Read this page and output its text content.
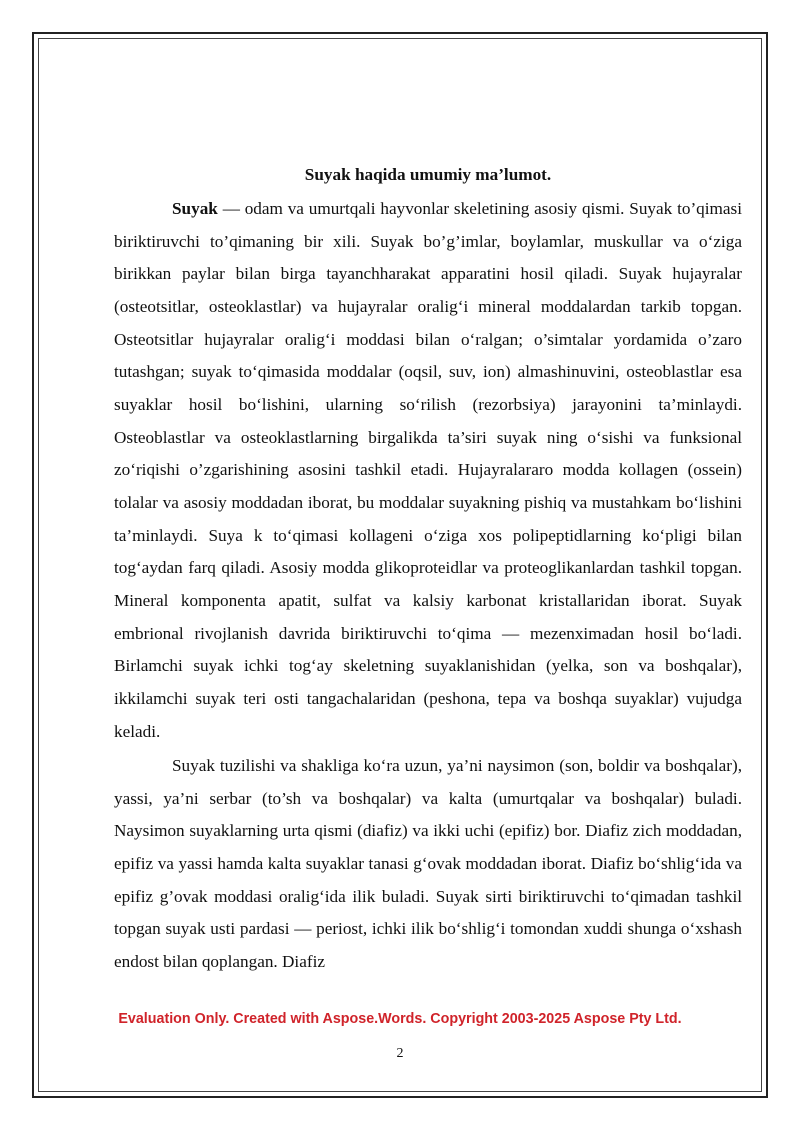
Suyak haqida umumiy ma’lumot.

Suyak — odam va umurtqali hayvonlar skeletining asosiy qismi. Suyak to’qimasi biriktiruvchi to’qimaning bir xili. Suyak bo’g’imlar, boylamlar, muskullar va o‘ziga birikkan paylar bilan birga tayanchharakat apparatini hosil qiladi. Suyak hujayralar (osteotsitlar, osteoklastlar) va hujayralar oralig‘i mineral moddalardan tarkib topgan. Osteotsitlar hujayralar oralig‘i moddasi bilan o‘ralgan; o’simtalar yordamida o’zaro tutashgan; suyak to‘qimasida moddalar (oqsil, suv, ion) almashinuvini, osteoblastlar esa suyaklar hosil bo‘lishini, ularning so‘rilish (rezorbsiya) jarayonini ta’minlaydi. Osteoblastlar va osteoklastlarning birgalikda ta’siri suyak ning o‘sishi va funksional zo‘riqishi o’zgarishining asosini tashkil etadi. Hujayralararo modda kollagen (ossein) tolalar va asosiy moddadan iborat, bu moddalar suyakning pishiq va mustahkam bo‘lishini ta’minlaydi. Suya k to‘qimasi kollageni o‘ziga xos polipeptidlarning ko‘pligi bilan tog‘aydan farq qiladi. Asosiy modda glikoproteidlar va proteoglikanlardan tashkil topgan. Mineral komponenta apatit, sulfat va kalsiy karbonat kristallaridan iborat. Suyak embrional rivojlanish davrida biriktiruvchi to‘qima — mezenximadan hosil bo‘ladi. Birlamchi suyak ichki tog‘ay skeletning suyaklanishidan (yelka, son va boshqalar), ikkilamchi suyak teri osti tangachalaridan (peshona, tepa va boshqa suyaklar) vujudga keladi.

Suyak tuzilishi va shakliga ko‘ra uzun, ya’ni naysimon (son, boldir va boshqalar), yassi, ya’ni serbar (to’sh va boshqalar) va kalta (umurtqalar va boshqalar) buladi. Naysimon suyaklarning urta qismi (diafiz) va ikki uchi (epifiz) bor. Diafiz zich moddadan, epifiz va yassi hamda kalta suyaklar tanasi g‘ovak moddadan iborat. Diafiz bo‘shlig‘ida va epifiz g’ovak moddasi oralig‘ida ilik buladi. Suyak sirti biriktiruvchi to‘qimadan tashkil topgan suyak usti pardasi — periost, ichki ilik bo‘shlig‘i tomondan xuddi shunga o‘xshash endost bilan qoplangan. Diafiz

Evaluation Only. Created with Aspose.Words. Copyright 2003-2025 Aspose Pty Ltd.
2
